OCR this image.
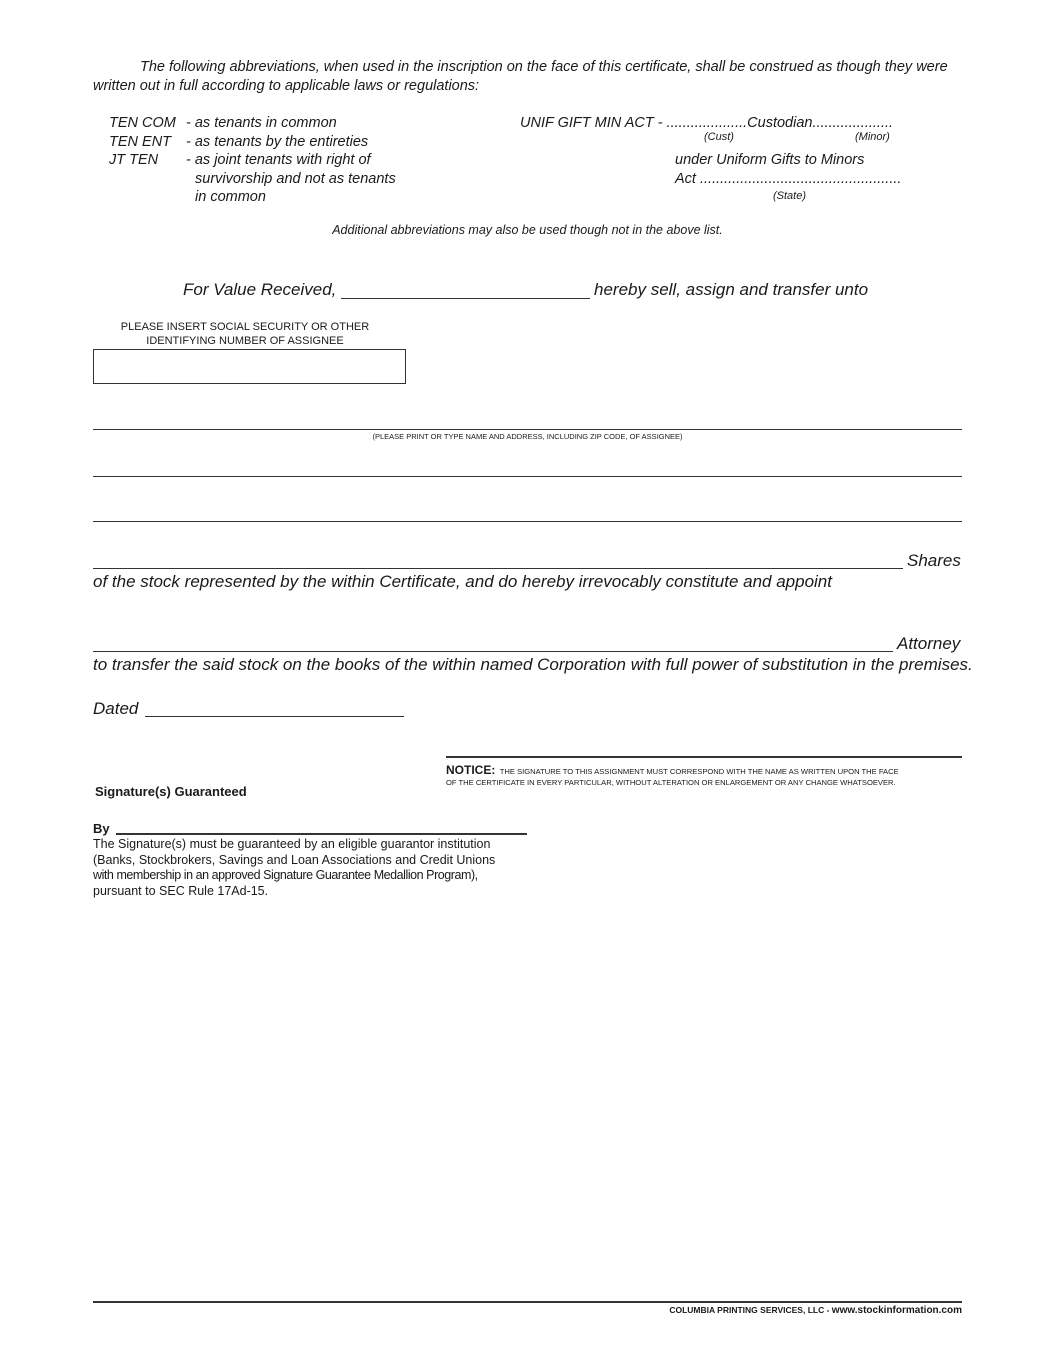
The following abbreviations, when used in the inscription on the face of this certificate, shall be construed as though they were written out in full according to applicable laws or regulations:
TEN COM - as tenants in common
TEN ENT - as tenants by the entireties
JT TEN - as joint tenants with right of
survivorship and not as tenants
in common
UNIF GIFT MIN ACT - ....................Custodian....................
(Cust)	(Minor)
under Uniform Gifts to Minors
Act ..................................................
(State)
Additional abbreviations may also be used though not in the above list.
For Value Received,	hereby sell, assign and transfer unto
PLEASE INSERT SOCIAL SECURITY OR OTHER
IDENTIFYING NUMBER OF ASSIGNEE
(PLEASE PRINT OR TYPE NAME AND ADDRESS, INCLUDING ZIP CODE, OF ASSIGNEE)
Shares
of the stock represented by the within Certificate, and do hereby irrevocably constitute and appoint
Attorney
to transfer the said stock on the books of the within named Corporation with full power of substitution in the premises.
Dated
NOTICE: THE SIGNATURE TO THIS ASSIGNMENT MUST CORRESPOND WITH THE NAME AS WRITTEN UPON THE FACE
OF THE CERTIFICATE IN EVERY PARTICULAR, WITHOUT ALTERATION OR ENLARGEMENT OR ANY CHANGE WHATSOEVER.
Signature(s) Guaranteed
By
The Signature(s) must be guaranteed by an eligible guarantor institution
(Banks, Stockbrokers, Savings and Loan Associations and Credit Unions
with membership in an approved Signature Guarantee Medallion Program),
pursuant to SEC Rule 17Ad-15.
COLUMBIA PRINTING SERVICES, LLC - www.stockinformation.com
